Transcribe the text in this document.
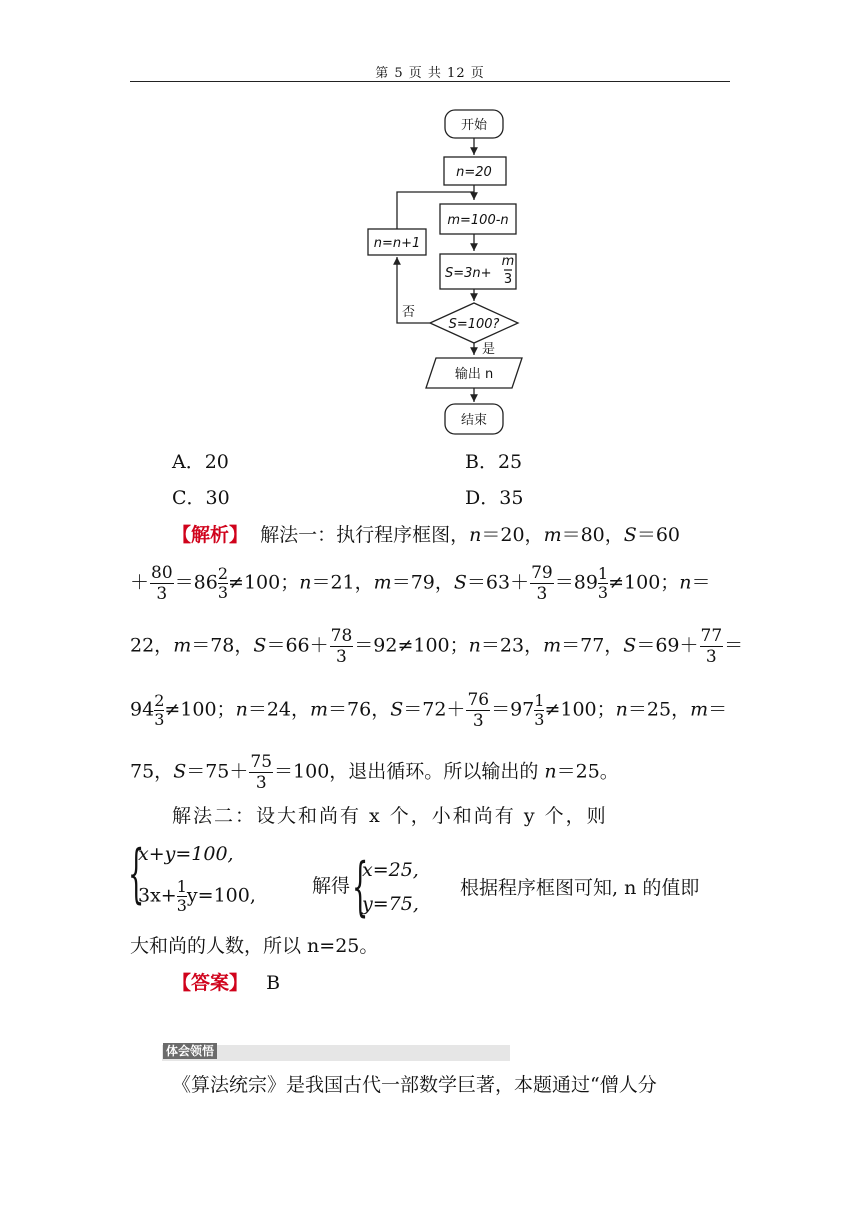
第 5 页 共 12 页
开始
n=20
m=100-n
S=3n+
m
3
n=n+1
S=100?
否
是
输出 n
结束
A．20	B．25
C．30	D．35
【解析】 解法一：执行程序框图，n＝20，m＝80，S＝60
＋ $\frac{80}{3} =86 \frac{2}{3} \ne 100$；n＝21，m＝79，$S=63+ \frac{79}{3} =89 \frac{1}{3} \ne 100$；n＝
22，m＝78，$S=66+ \frac{78}{3} =92\ne 100$；n＝23，m＝77，$S=69+ \frac{77}{3}$ ＝
$94 \frac{2}{3} \ne 100$；n＝24，m＝76，$S=72+ \frac{76}{3} =97 \frac{1}{3} \ne 100$；n＝25，m＝
75，$S=75+ \frac{75}{3} =100$，退出循环。所以输出的 n＝25。
解法二：设大和尚有 x 个，小和尚有 y 个，则
{
x+y=100,
$3x+ \frac{1}{3} y=100$,	解得 {
x=25,
y=75,
根据程序框图可知, n 的值即
大和尚的人数，所以 n=25。
【答案】 B
体会领悟
《算法统宗》是我国古代一部数学巨著，本题通过“僧人分
